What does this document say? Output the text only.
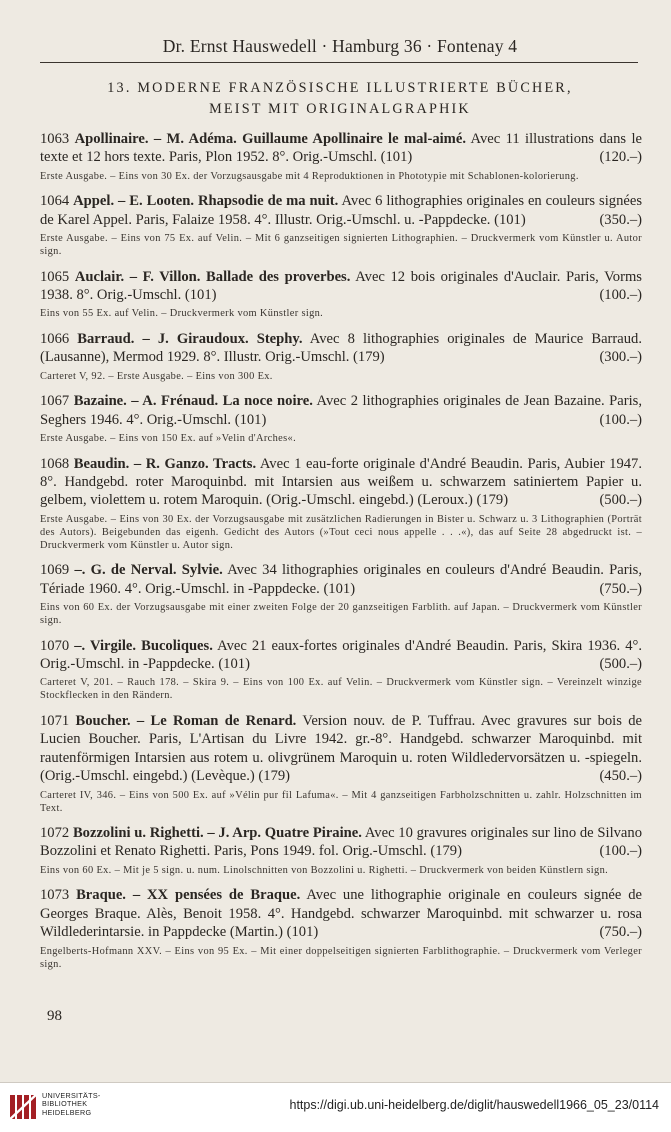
Dr. Ernst Hauswedell · Hamburg 36 · Fontenay 4
13. MODERNE FRANZÖSISCHE ILLUSTRIERTE BÜCHER,
MEIST MIT ORIGINALGRAPHIK
1063 Apollinaire. – M. Adéma. Guillaume Apollinaire le mal-aimé. Avec 11 illustrations dans le texte et 12 hors texte. Paris, Plon 1952. 8°. Orig.-Umschl. (101)	(120.–)
Erste Ausgabe. – Eins von 30 Ex. der Vorzugsausgabe mit 4 Reproduktionen in Phototypie mit Schablonen-kolorierung.
1064 Appel. – E. Looten. Rhapsodie de ma nuit. Avec 6 lithographies originales en couleurs signées de Karel Appel. Paris, Falaize 1958. 4°. Illustr. Orig.-Umschl. u. -Pappdecke. (101)	(350.–)
Erste Ausgabe. – Eins von 75 Ex. auf Velin. – Mit 6 ganzseitigen signierten Lithographien. – Druckvermerk vom Künstler u. Autor sign.
1065 Auclair. – F. Villon. Ballade des proverbes. Avec 12 bois originales d'Auclair. Paris, Vorms 1938. 8°. Orig.-Umschl. (101)	(100.–)
Eins von 55 Ex. auf Velin. – Druckvermerk vom Künstler sign.
1066 Barraud. – J. Giraudoux. Stephy. Avec 8 lithographies originales de Maurice Barraud. (Lausanne), Mermod 1929. 8°. Illustr. Orig.-Umschl. (179)	(300.–)
Carteret V, 92. – Erste Ausgabe. – Eins von 300 Ex.
1067 Bazaine. – A. Frénaud. La noce noire. Avec 2 lithographies originales de Jean Bazaine. Paris, Seghers 1946. 4°. Orig.-Umschl. (101)	(100.–)
Erste Ausgabe. – Eins von 150 Ex. auf »Velin d'Arches«.
1068 Beaudin. – R. Ganzo. Tracts. Avec 1 eau-forte originale d'André Beaudin. Paris, Aubier 1947. 8°. Handgebd. roter Maroquinbd. mit Intarsien aus weißem u. schwarzem satiniertem Papier u. gelbem, violettem u. rotem Maroquin. (Orig.-Umschl. eingebd.) (Leroux.) (179)	(500.–)
Erste Ausgabe. – Eins von 30 Ex. der Vorzugsausgabe mit zusätzlichen Radierungen in Bister u. Schwarz u. 3 Lithographien (Porträt des Autors). Beigebunden das eigenh. Gedicht des Autors (»Tout ceci nous appelle . . .«), das auf Seite 28 abgedruckt ist. – Druckvermerk vom Künstler u. Autor sign.
1069 –. G. de Nerval. Sylvie. Avec 34 lithographies originales en couleurs d'André Beaudin. Paris, Tériade 1960. 4°. Orig.-Umschl. in -Pappdecke. (101)	(750.–)
Eins von 60 Ex. der Vorzugsausgabe mit einer zweiten Folge der 20 ganzseitigen Farblith. auf Japan. – Druckvermerk vom Künstler sign.
1070 –. Virgile. Bucoliques. Avec 21 eaux-fortes originales d'André Beaudin. Paris, Skira 1936. 4°. Orig.-Umschl. in -Pappdecke. (101)	(500.–)
Carteret V, 201. – Rauch 178. – Skira 9. – Eins von 100 Ex. auf Velin. – Druckvermerk vom Künstler sign. – Vereinzelt winzige Stockflecken in den Rändern.
1071 Boucher. – Le Roman de Renard. Version nouv. de P. Tuffrau. Avec gravures sur bois de Lucien Boucher. Paris, L'Artisan du Livre 1942. gr.-8°. Handgebd. schwarzer Maroquinbd. mit rautenförmigen Intarsien aus rotem u. olivgrünem Maroquin u. roten Wildledervorsätzen u. -spiegeln. (Orig.-Umschl. eingebd.) (Levèque.) (179)	(450.–)
Carteret IV, 346. – Eins von 500 Ex. auf »Vélin pur fil Lafuma«. – Mit 4 ganzseitigen Farbholzschnitten u. zahlr. Holzschnitten im Text.
1072 Bozzolini u. Righetti. – J. Arp. Quatre Piraine. Avec 10 gravures originales sur lino de Silvano Bozzolini et Renato Righetti. Paris, Pons 1949. fol. Orig.-Umschl. (179)	(100.–)
Eins von 60 Ex. – Mit je 5 sign. u. num. Linolschnitten von Bozzolini u. Righetti. – Druckvermerk von beiden Künstlern sign.
1073 Braque. – XX pensées de Braque. Avec une lithographie originale en couleurs signée de Georges Braque. Alès, Benoit 1958. 4°. Handgebd. schwarzer Maroquinbd. mit schwarzer u. rosa Wildlederintarsie. in Pappdecke (Martin.) (101)	(750.–)
Engelberts-Hofmann XXV. – Eins von 95 Ex. – Mit einer doppelseitigen signierten Farblithographie. – Druckvermerk vom Verleger sign.
98
UNIVERSITÄTS-
BIBLIOTHEK
HEIDELBERG
https://digi.ub.uni-heidelberg.de/diglit/hauswedell1966_05_23/0114
